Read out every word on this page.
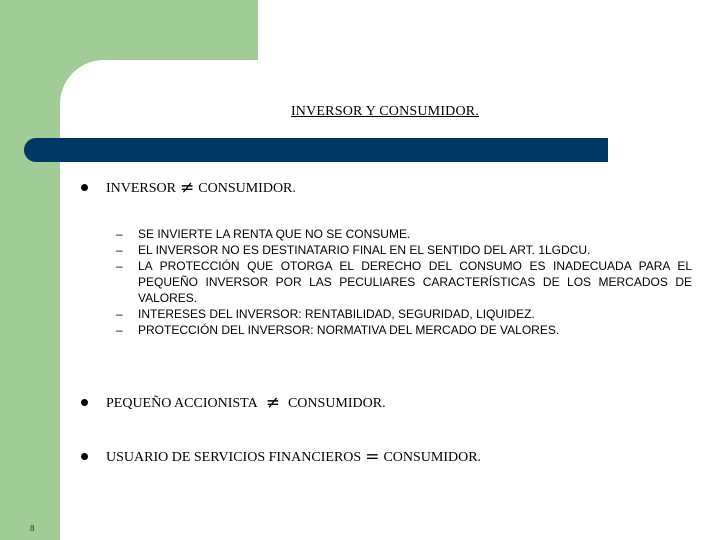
INVERSOR Y CONSUMIDOR.
INVERSOR ≠ CONSUMIDOR.
– SE INVIERTE LA RENTA QUE NO SE CONSUME.
– EL INVERSOR NO ES DESTINATARIO FINAL EN EL SENTIDO DEL ART. 1LGDCU.
– LA PROTECCIÓN QUE OTORGA EL DERECHO DEL CONSUMO ES INADECUADA PARA EL PEQUEÑO INVERSOR POR LAS PECULIARES CARACTERÍSTICAS DE LOS MERCADOS DE VALORES.
– INTERESES DEL INVERSOR: RENTABILIDAD, SEGURIDAD, LIQUIDEZ.
– PROTECCIÓN DEL INVERSOR: NORMATIVA DEL MERCADO DE VALORES.
PEQUEÑO ACCIONISTA ≠ CONSUMIDOR.
USUARIO DE SERVICIOS FINANCIEROS = CONSUMIDOR.
8
